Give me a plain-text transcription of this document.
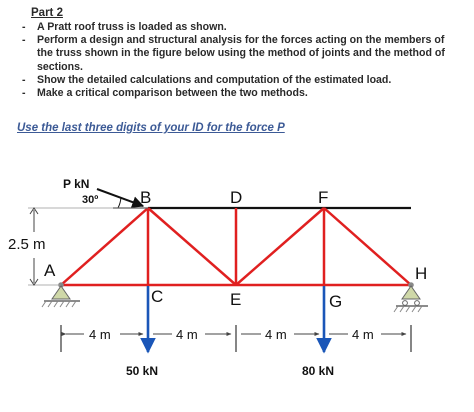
Part 2
- A Pratt roof truss is loaded as shown.
- Perform a design and structural analysis for the forces acting on the members of the truss shown in the figure below using the method of joints and the method of sections.
- Show the detailed calculations and computation of the estimated load.
- Make a critical comparison between the two methods.
Use the last three digits of your ID for the force P
P kN
30º
2.5 m
A
B
C
D
E
F
G
H
4 m	4 m	4 m	4 m
50 kN	80 kN
